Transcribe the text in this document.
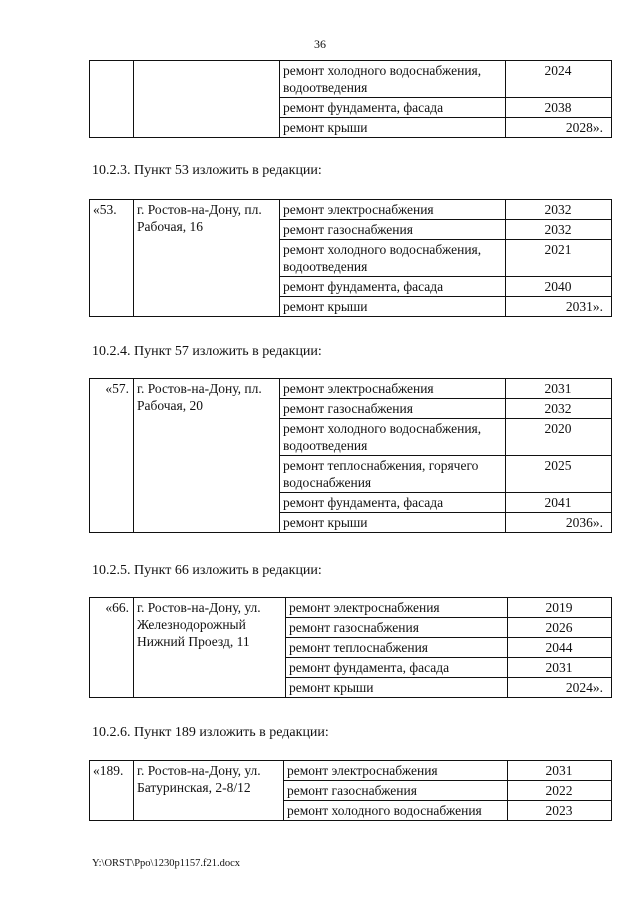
36
		ремонт холодного водоснабжения, водоотведения	2024
		ремонт фундамента, фасада	2038
		ремонт крыши	2028».
10.2.3. Пункт 53 изложить в редакции:
«53.	г. Ростов-на-Дону, пл. Рабочая, 16	ремонт электроснабжения	2032
		ремонт газоснабжения	2032
		ремонт холодного водоснабжения, водоотведения	2021
		ремонт фундамента, фасада	2040
		ремонт крыши	2031».
10.2.4. Пункт 57 изложить в редакции:
«57.	г. Ростов-на-Дону, пл. Рабочая, 20	ремонт электроснабжения	2031
		ремонт газоснабжения	2032
		ремонт холодного водоснабжения, водоотведения	2020
		ремонт теплоснабжения, горячего водоснабжения	2025
		ремонт фундамента, фасада	2041
		ремонт крыши	2036».
10.2.5. Пункт 66 изложить в редакции:
«66.	г. Ростов-на-Дону, ул. Железнодорожный Нижний Проезд, 11	ремонт электроснабжения	2019
		ремонт газоснабжения	2026
		ремонт теплоснабжения	2044
		ремонт фундамента, фасада	2031
		ремонт крыши	2024».
10.2.6. Пункт 189 изложить в редакции:
«189.	г. Ростов-на-Дону, ул. Батуринская, 2-8/12	ремонт электроснабжения	2031
		ремонт газоснабжения	2022
		ремонт холодного водоснабжения	2023
Y:\ORST\Ppo\1230p1157.f21.docx
